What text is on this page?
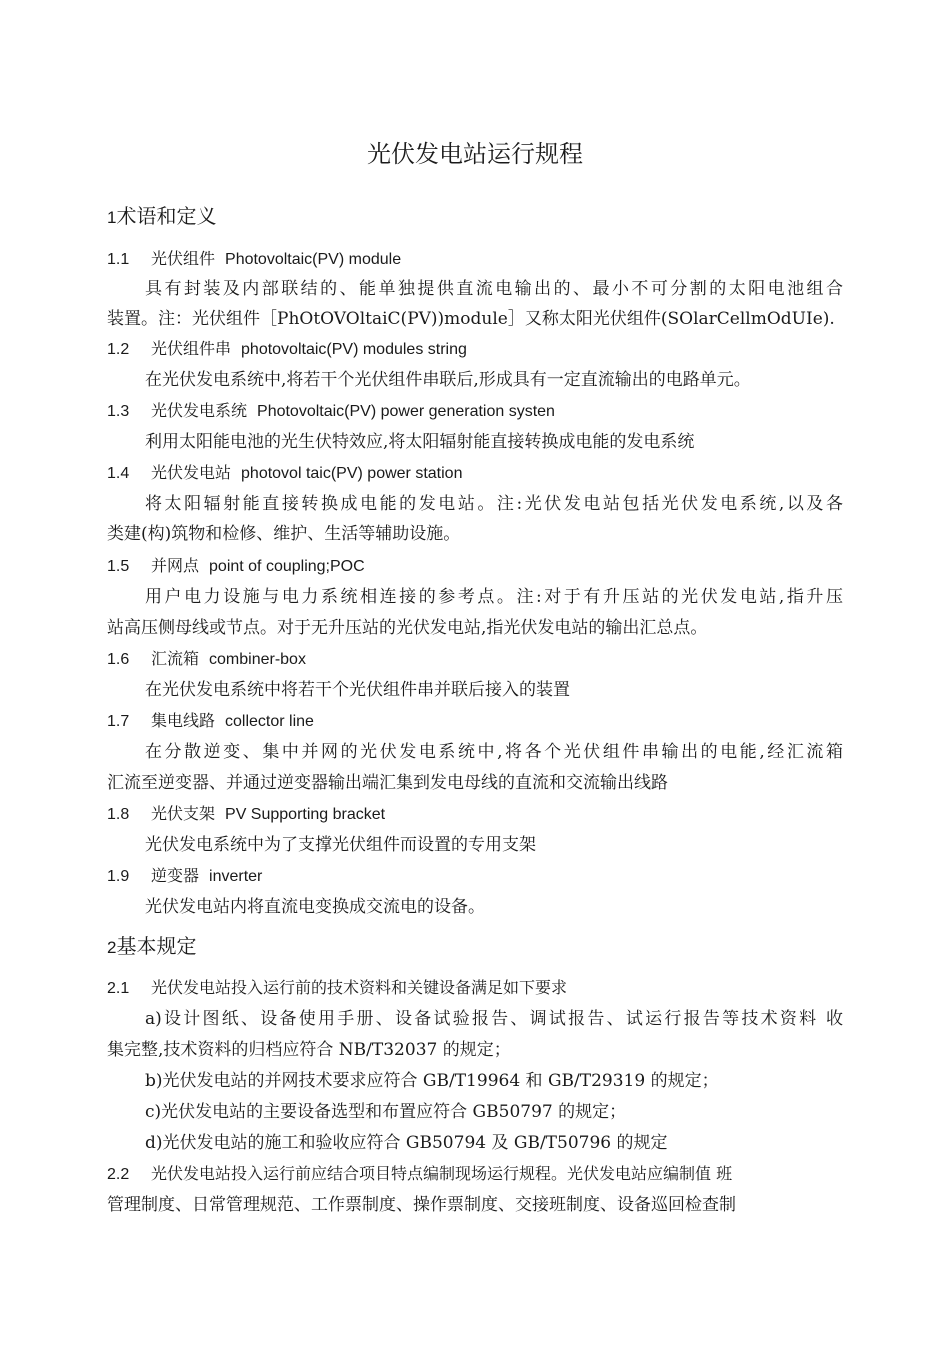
光伏发电站运行规程
1术语和定义
1.1 光伏组件 Photovoltaic(PV) module
具有封装及内部联结的、能单独提供直流电输出的、最小不可分割的太阳电池组合
装置。注：光伏组件［PhOtOVOltaiC(PV))module］又称太阳光伏组件(SOlarCellmOdUIe).
1.2 光伏组件串 photovoltaic(PV) modules string
在光伏发电系统中,将若干个光伏组件串联后,形成具有一定直流输出的电路单元。
1.3 光伏发电系统 Photovoltaic(PV) power generation systen
利用太阳能电池的光生伏特效应,将太阳辐射能直接转换成电能的发电系统
1.4 光伏发电站 photovol taic(PV) power station
将太阳辐射能直接转换成电能的发电站。注:光伏发电站包括光伏发电系统,以及各
类建(构)筑物和检修、维护、生活等辅助设施。
1.5 并网点 point of coupling;POC
用户电力设施与电力系统相连接的参考点。注:对于有升压站的光伏发电站,指升压
站高压侧母线或节点。对于无升压站的光伏发电站,指光伏发电站的输出汇总点。
1.6 汇流箱 combiner-box
在光伏发电系统中将若干个光伏组件串并联后接入的装置
1.7 集电线路 collector line
在分散逆变、集中并网的光伏发电系统中,将各个光伏组件串输出的电能,经汇流箱
汇流至逆变器、并通过逆变器输出端汇集到发电母线的直流和交流输出线路
1.8 光伏支架 PV Supporting bracket
光伏发电系统中为了支撑光伏组件而设置的专用支架
1.9 逆变器 inverter
光伏发电站内将直流电变换成交流电的设备。
2基本规定
2.1 光伏发电站投入运行前的技术资料和关键设备满足如下要求
a)设计图纸、设备使用手册、设备试验报告、调试报告、试运行报告等技术资料 收
集完整,技术资料的归档应符合 NB/T32037 的规定；
b)光伏发电站的并网技术要求应符合 GB/T19964 和 GB/T29319 的规定；
c)光伏发电站的主要设备选型和布置应符合 GB50797 的规定；
d)光伏发电站的施工和验收应符合 GB50794 及 GB/T50796 的规定
2.2 光伏发电站投入运行前应结合项目特点编制现场运行规程。光伏发电站应编制值 班
管理制度、日常管理规范、工作票制度、操作票制度、交接班制度、设备巡回检查制
